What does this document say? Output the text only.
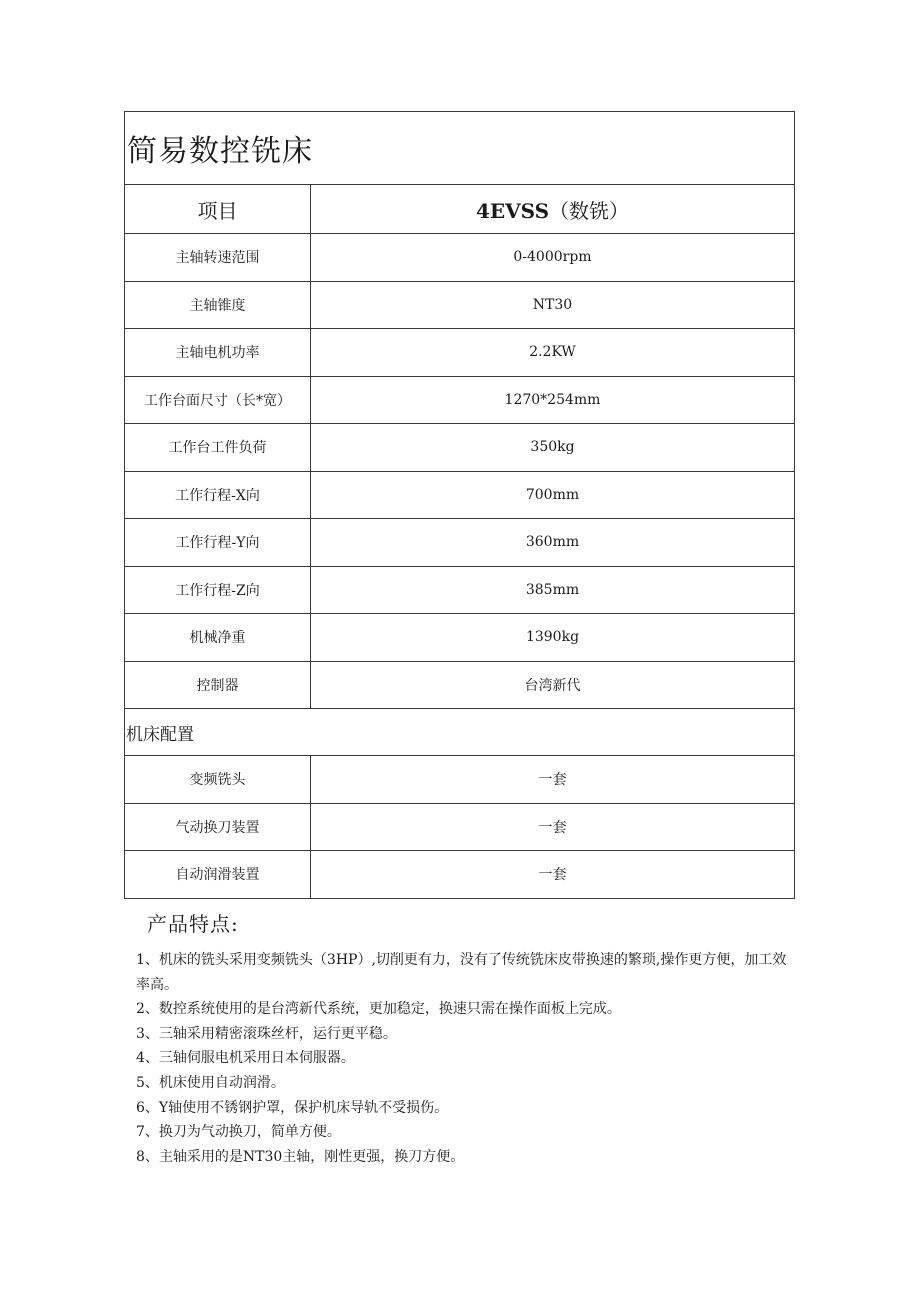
简易数控铣床	
项目	4EVSS（数铣）
主轴转速范围	0-4000rpm
主轴锥度	NT30
主轴电机功率	2.2KW
工作台面尺寸（长*宽）	1270*254mm
工作台工件负荷	350kg
工作行程-X向	700mm
工作行程-Y向	360mm
工作行程-Z向	385mm
机械净重	1390kg
控制器	台湾新代
机床配置	
变频铣头	一套
气动换刀装置	一套
自动润滑装置	一套
产品特点:
1、机床的铣头采用变频铣头（3HP）,切削更有力，没有了传统铣床皮带换速的繁琐,操作更方便，加工效率高。
2、数控系统使用的是台湾新代系统，更加稳定，换速只需在操作面板上完成。
3、三轴采用精密滚珠丝杆，运行更平稳。
4、三轴伺服电机采用日本伺服器。
5、机床使用自动润滑。
6、Y轴使用不锈钢护罩，保护机床导轨不受损伤。
7、换刀为气动换刀，简单方便。
8、主轴采用的是NT30主轴，刚性更强，换刀方便。
